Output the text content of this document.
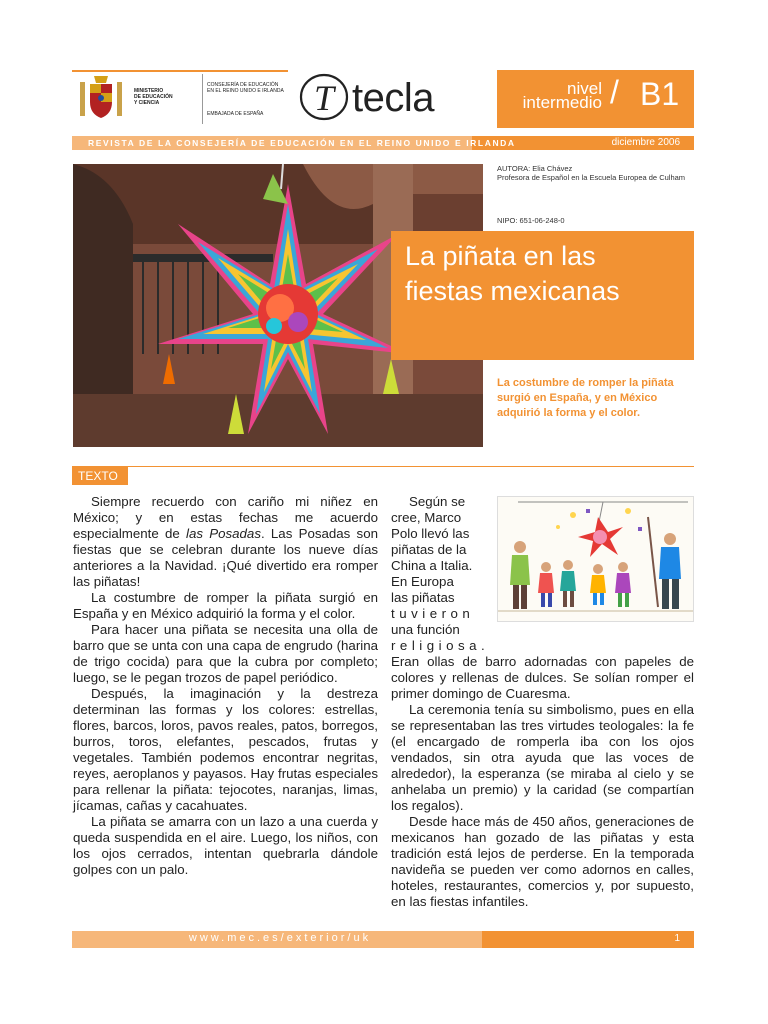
MINISTERIO
DE EDUCACIÓN
Y CIENCIA
CONSEJERÍA DE EDUCACIÓN
EN EL REINO UNIDO E IRLANDA
EMBAJADA DE ESPAÑA	T tecla	nivel
intermedio / B1
REVISTA DE LA CONSEJERÍA DE EDUCACIÓN EN EL REINO UNIDO E IRLANDA	diciembre 2006
AUTORA: Elia Chávez
Profesora de Español en la Escuela Europea de Culham
NIPO: 651-06-248-0
La piñata en las
fiestas mexicanas
La costumbre de romper la piñata surgió en España, y en México adquirió la forma y el color.
TEXTO

Siempre recuerdo con cariño mi niñez en México; y en estas fechas me acuerdo especialmente de las Posadas. Las Posadas son fiestas que se celebran durante los nueve días anteriores a la Navidad. ¡Qué divertido era romper las piñatas!

La costumbre de romper la piñata surgió en España y en México adquirió la forma y el color.

Para hacer una piñata se necesita una olla de barro que se unta con una capa de engrudo (harina de trigo cocida) para que la cubra por completo; luego, se le pegan trozos de papel periódico.

Después, la imaginación y la destreza determinan las formas y los colores: estrellas, flores, barcos, loros, pavos reales, patos, borregos, burros, toros, elefantes, pescados, frutas y vegetales. También podemos encontrar negritas, reyes, aeroplanos y payasos. Hay frutas especiales para rellenar la piñata: tejocotes, naranjas, limas, jícamas, cañas y cacahuates.

La piñata se amarra con un lazo a una cuerda y queda suspendida en el aire. Luego, los niños, con los ojos cerrados, intentan quebrarla dándole golpes con un palo.

Según se
cree, Marco
Polo llevó las
piñatas de la
China a Italia.
En Europa
las piñatas
tuvieron
una función
religiosa.

Eran ollas de barro adornadas con papeles de colores y rellenas de dulces. Se solían romper el primer domingo de Cuaresma.

La ceremonia tenía su simbolismo, pues en ella se representaban las tres virtudes teologales: la fe (el encargado de romperla iba con los ojos vendados, sin otra ayuda que las voces de alrededor), la esperanza (se miraba al cielo y se anhelaba un premio) y la caridad (se compartían los regalos).

Desde hace más de 450 años, generaciones de mexicanos han gozado de las piñatas y esta tradición está lejos de perderse. En la temporada navideña se pueden ver como adornos en calles, hoteles, restaurantes, comercios y, por supuesto, en las fiestas infantiles.

www.mec.es/exterior/uk	1
